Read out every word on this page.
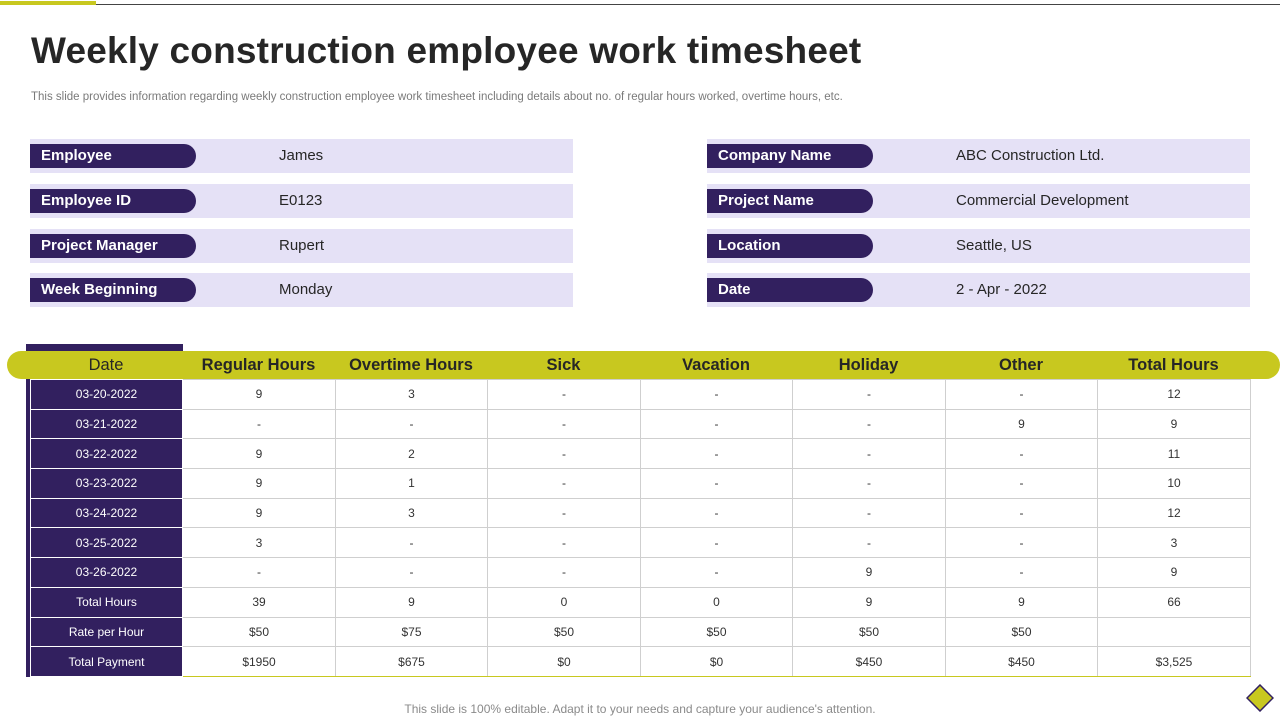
Weekly construction employee work timesheet
This slide provides information regarding weekly construction employee work timesheet including details about no. of regular hours worked, overtime hours, etc.
Employee	James
Employee ID	E0123
Project Manager	Rupert
Week Beginning	Monday
Company Name	ABC Construction Ltd.
Project Name	Commercial Development
Location	Seattle, US
Date	2 - Apr - 2022
Date	Regular Hours	Overtime Hours	Sick	Vacation	Holiday	Other	Total Hours
03-20-2022	9	3	-	-	-	-	12
03-21-2022	-	-	-	-	-	9	9
03-22-2022	9	2	-	-	-	-	11
03-23-2022	9	1	-	-	-	-	10
03-24-2022	9	3	-	-	-	-	12
03-25-2022	3	-	-	-	-	-	3
03-26-2022	-	-	-	-	9	-	9
Total Hours	39	9	0	0	9	9	66
Rate per Hour	$50	$75	$50	$50	$50	$50	
Total Payment	$1950	$675	$0	$0	$450	$450	$3,525
This slide is 100% editable. Adapt it to your needs and capture your audience's attention.
